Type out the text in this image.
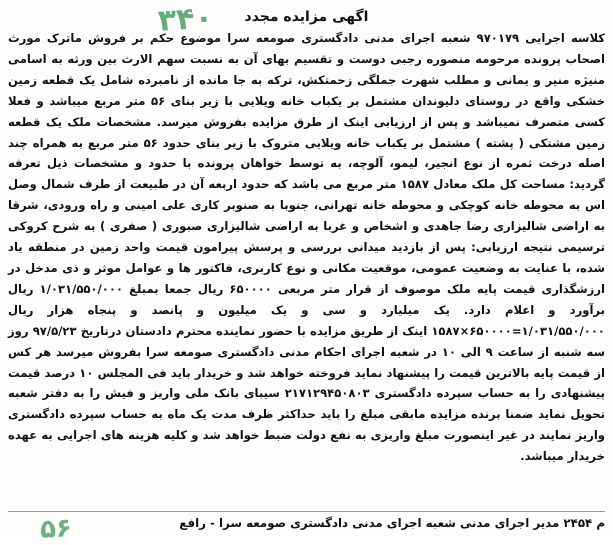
اگهی مزایده مجدد
۳۴۰

کلاسه اجرایی ۹۷۰۱۷۹ شعبه اجرای مدنی دادگستری صومعه سرا موضوع حکم بر فروش ماترک مورث اصحاب پرونده مرحومه منصوره رجبی دوست و تقسیم بهای آن به نسبت سهم الارث بین ورثه به اسامی منیژه منیر و یمانی و مطلب شهرت جملگی زحمتکش، ترکه به جا مانده از نامبرده شامل یک قطعه زمین خشکی واقع در روستای دلیوندان مشتمل بر یکباب خانه ویلایی با زیر بنای ۵۶ متر مربع میباشد و فعلا کسی متصرف نمیباشد و پس از ارزیابی اینک از طرق مزایده بفروش میرسد. مشخصات ملک یک قطعه زمین مشتکی ( پشته ) مشتمل بر یکباب خانه ویلایی متروک با زیر بنای حدود ۵۶ متر مربع به همراه چند اصله درخت ثمره از نوع انجیر، لیمو، آلوچه، به توسط خواهان پرونده با حدود و مشخصات ذیل تعرفه گردید: مساحت کل ملک معادل ۱۵۸۷ متر مربع می باشد که حدود اربعه آن در طبیعت از طرف شمال وصل اس به محوطه خانه کوچکی و محوطه خانه تهرانی، جنوبا به صنوبر کاری علی امینی و راه ورودی، شرقا به اراضی شالیزاری رضا جاهدی و اشخاص و غربا به اراضی شالیزاری صبوری ( صفری ) به شرح کروکی ترسیمی نتیجه ارزیابی: پس از بازدید میدانی بررسی و پرسش پیرامون قیمت واحد زمین در منطقه یاد شده، با عنایت به وضعیت عمومی، موقعیت مکانی و نوع کاربری، فاکتور ها و عوامل موثر و ذی مدخل در ارزشگذاری قیمت پایه ملک موصوف از قرار متر مربعی ۶۵۰۰۰۰ ریال جمعا بمبلغ ۱/۰۳۱/۵۵۰/۰۰۰ ریال برآورد و اعلام دارد. یک میلیارد و سی و یک میلیون و پانصد و پنجاه هزار ریال ۱/۰۳۱/۵۵۰/۰۰۰=۶۵۰۰۰۰×۱۵۸۷ اینک از طریق مزایده با حضور نماینده محترم دادستان درتاریخ ۹۷/۵/۲۳ روز سه شنبه از ساعت ۹ الی ۱۰ در شعبه اجرای احکام مدنی دادگستری صومعه سرا بفروش میرسد هر کس از قیمت پایه بالاترین قیمت را پیشنهاد نماید فروخته خواهد شد و خریدار باید فی المجلس ۱۰ درصد قیمت پیشنهادی را به حساب سپرده دادگستری ۲۱۷۱۲۹۴۵۰۸۰۳ سیبای بانک ملی واریز و فیش را به دفتر شعبه تحویل نماید ضمنا برنده مزایده مابقی مبلغ را باید حداکثر ظرف مدت یک ماه به حساب سپرده دادگستری واریز نمایند در غیر اینصورت مبلغ واریزی به نفع دولت ضبط خواهد شد و کلیه هزینه های اجرایی به عهده خریدار میباشد.

م ۲۴۵۴ مدیر اجرای مدنی شعبه اجرای مدنی دادگستری صومعه سرا - رافع
۵۶
